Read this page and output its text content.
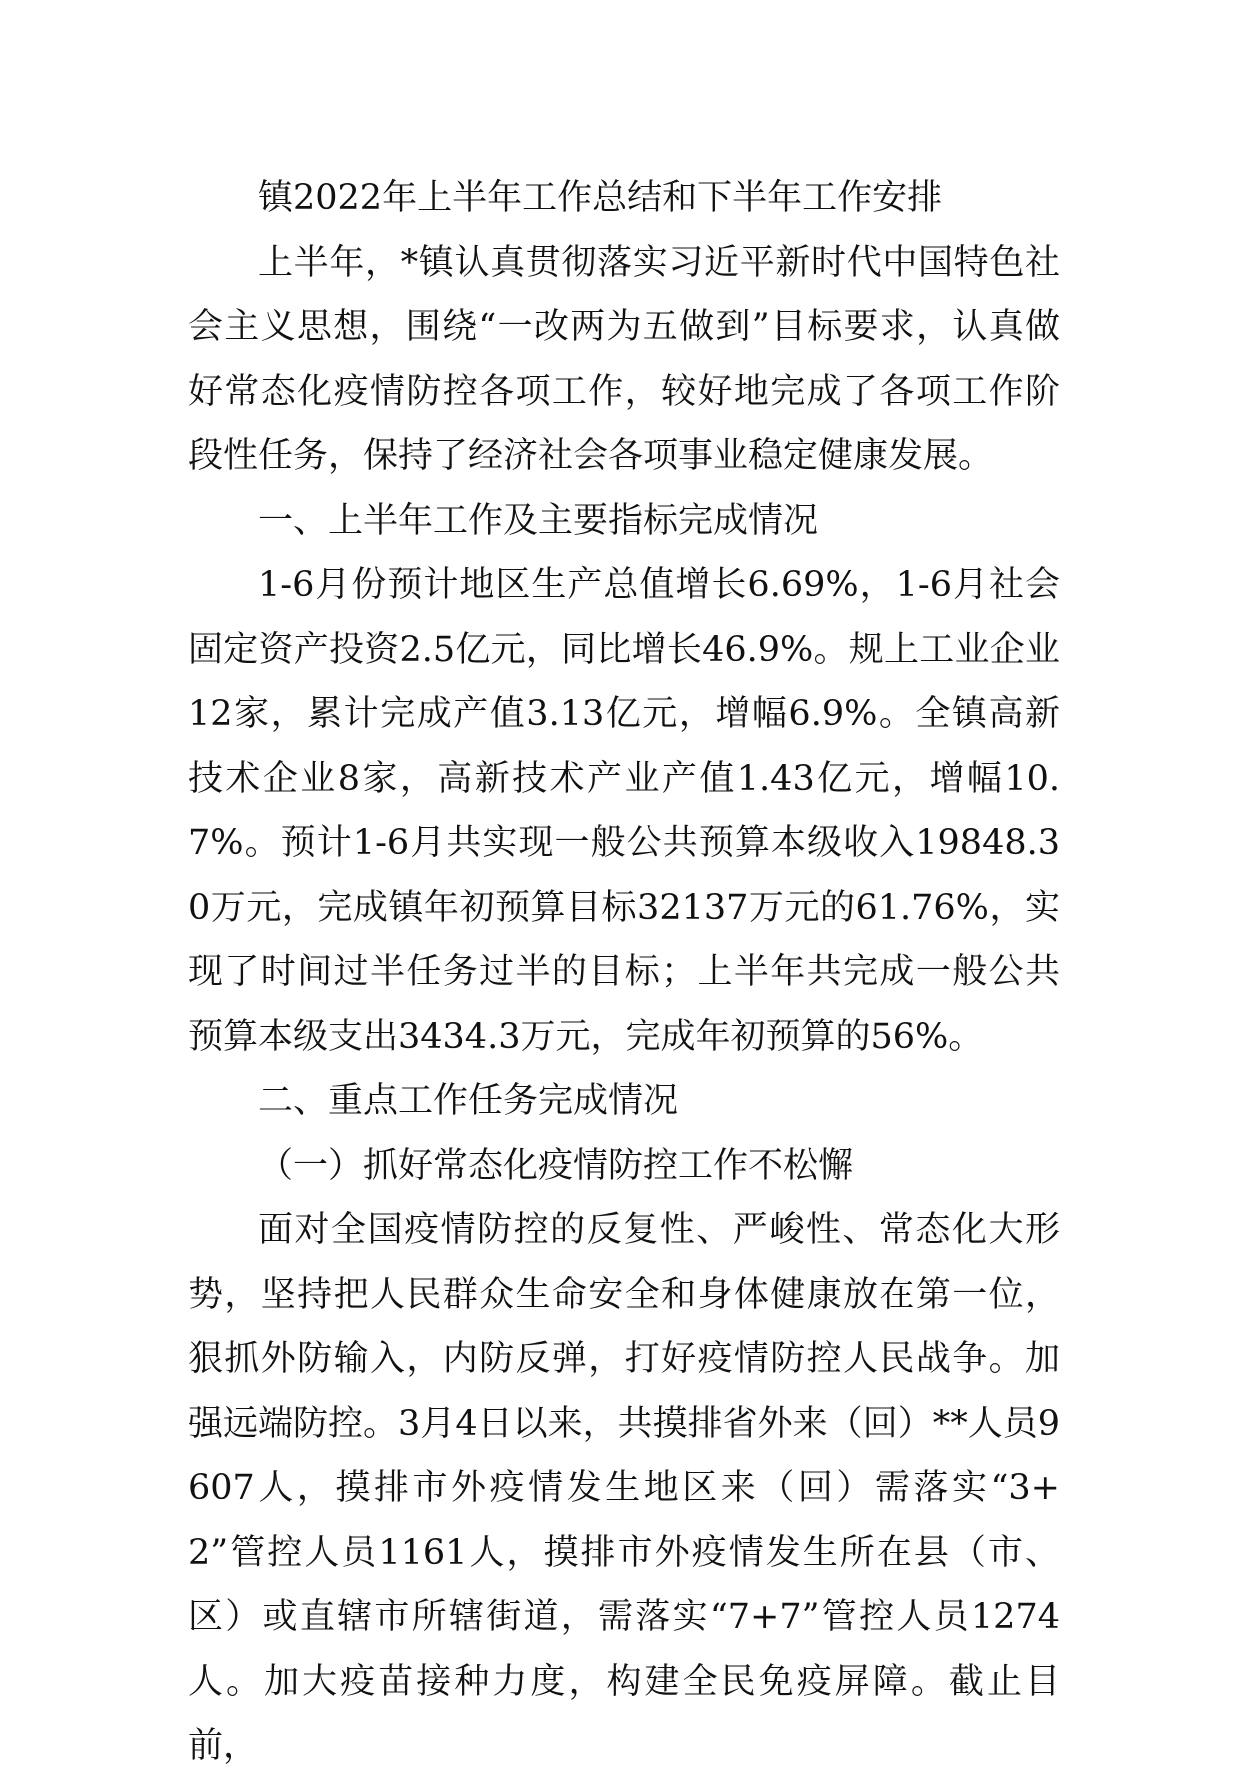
镇2022年上半年工作总结和下半年工作安排

上半年，*镇认真贯彻落实习近平新时代中国特色社会主义思想，围绕“一改两为五做到”目标要求，认真做好常态化疫情防控各项工作，较好地完成了各项工作阶段性任务，保持了经济社会各项事业稳定健康发展。

一、上半年工作及主要指标完成情况

1-6月份预计地区生产总值增长6.69%，1-6月社会固定资产投资2.5亿元，同比增长46.9%。规上工业企业12家，累计完成产值3.13亿元，增幅6.9%。全镇高新技术企业8家，高新技术产业产值1.43亿元，增幅10.7%。预计1-6月共实现一般公共预算本级收入19848.30万元，完成镇年初预算目标32137万元的61.76%，实现了时间过半任务过半的目标；上半年共完成一般公共预算本级支出3434.3万元，完成年初预算的56%。

二、重点工作任务完成情况

（一）抓好常态化疫情防控工作不松懈

面对全国疫情防控的反复性、严峻性、常态化大形势，坚持把人民群众生命安全和身体健康放在第一位，狠抓外防输入，内防反弹，打好疫情防控人民战争。加强远端防控。3月4日以来，共摸排省外来（回）**人员9607人，摸排市外疫情发生地区来（回）需落实“3+2”管控人员1161人，摸排市外疫情发生所在县（市、区）或直辖市所辖街道，需落实“7+7”管控人员1274人。加大疫苗接种力度，构建全民免疫屏障。截止目前，
